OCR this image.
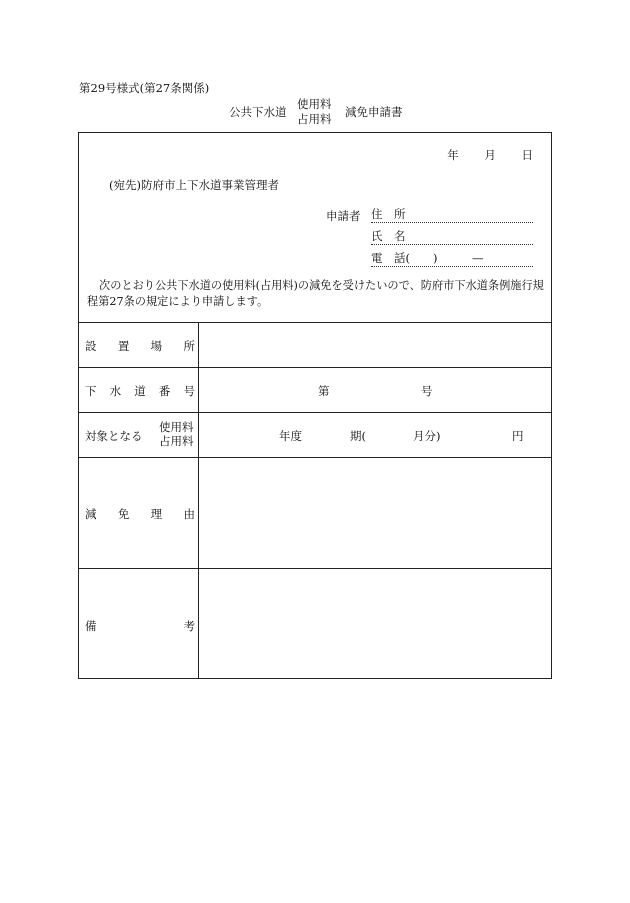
第29号様式(第27条関係)
公共下水道
使用料
占用料 減免申請書
年 月 日
(宛先)防府市上下水道事業管理者
申請者 住　所
氏　名
電　話(　　)　　　—
次のとおり公共下水道の使用料(占用料)の減免を受けたいので、防府市下水道条例施行規程第27条の規定により申請します。
設 置 場 所
下 水 道 番 号	第	号
対象となる
使用料
占用料	年度	期(	月分)	円
減 免 理 由
備	考
